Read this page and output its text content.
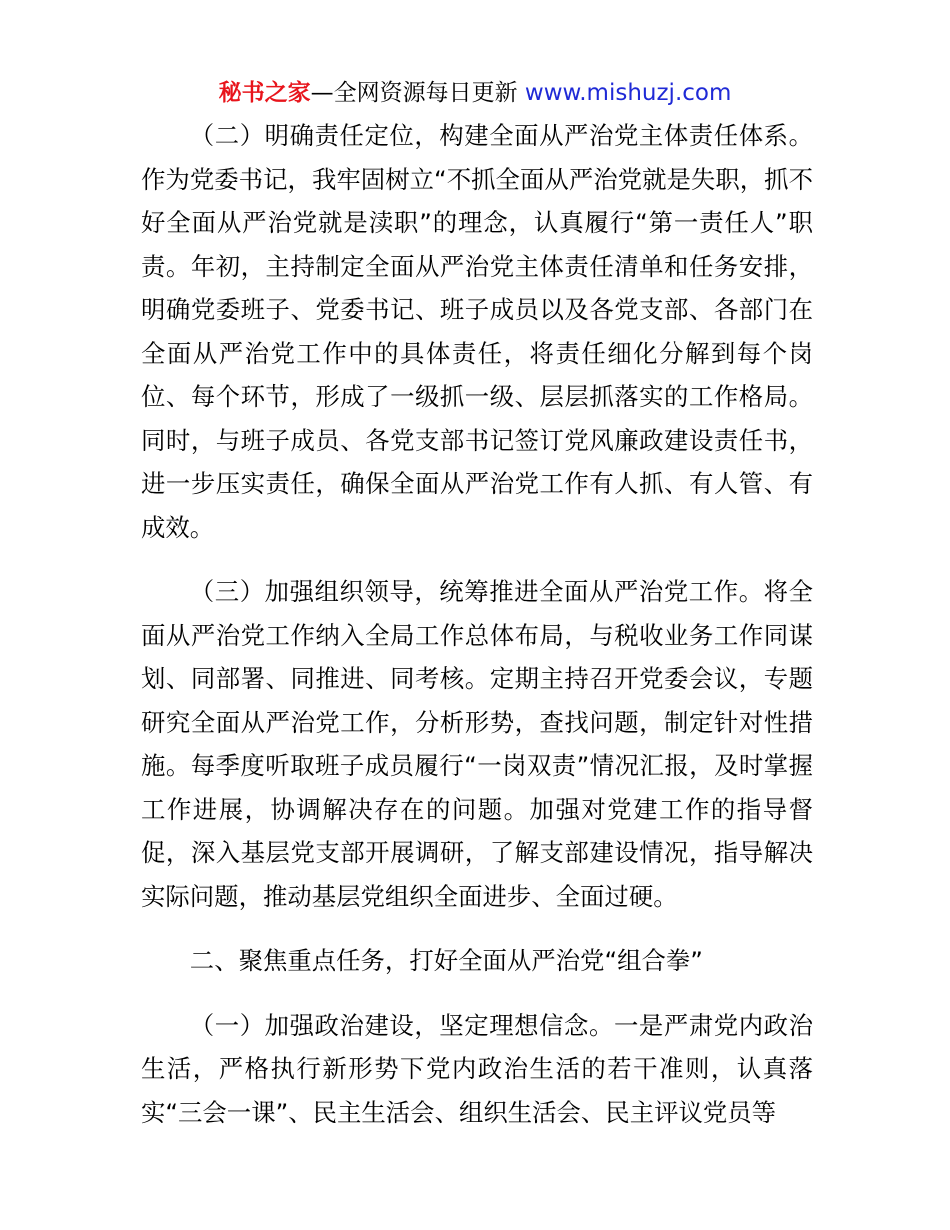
秘书之家—全网资源每日更新 www.mishuzj.com

（二）明确责任定位，构建全面从严治党主体责任体系。作为党委书记，我牢固树立“不抓全面从严治党就是失职，抓不好全面从严治党就是渎职”的理念，认真履行“第一责任人”职责。年初，主持制定全面从严治党主体责任清单和任务安排，明确党委班子、党委书记、班子成员以及各党支部、各部门在全面从严治党工作中的具体责任，将责任细化分解到每个岗位、每个环节，形成了一级抓一级、层层抓落实的工作格局。同时，与班子成员、各党支部书记签订党风廉政建设责任书，进一步压实责任，确保全面从严治党工作有人抓、有人管、有成效。

（三）加强组织领导，统筹推进全面从严治党工作。将全面从严治党工作纳入全局工作总体布局，与税收业务工作同谋划、同部署、同推进、同考核。定期主持召开党委会议，专题研究全面从严治党工作，分析形势，查找问题，制定针对性措施。每季度听取班子成员履行“一岗双责”情况汇报，及时掌握工作进展，协调解决存在的问题。加强对党建工作的指导督促，深入基层党支部开展调研，了解支部建设情况，指导解决实际问题，推动基层党组织全面进步、全面过硬。

二、聚焦重点任务，打好全面从严治党“组合拳”

（一）加强政治建设，坚定理想信念。一是严肃党内政治生活，严格执行新形势下党内政治生活的若干准则，认真落实“三会一课”、民主生活会、组织生活会、民主评议党员等
